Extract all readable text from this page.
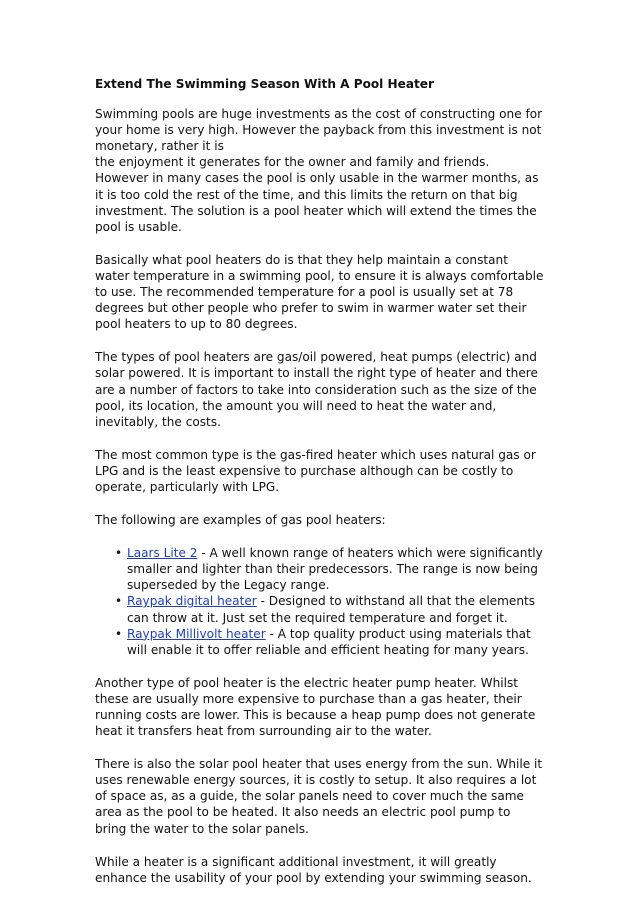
Extend The Swimming Season With A Pool Heater

Swimming pools are huge investments as the cost of constructing one for your home is very high. However the payback from this investment is not monetary, rather it is
the enjoyment it generates for the owner and family and friends. However in many cases the pool is only usable in the warmer months, as it is too cold the rest of the time, and this limits the return on that big investment. The solution is a pool heater which will extend the times the pool is usable.

Basically what pool heaters do is that they help maintain a constant water temperature in a swimming pool, to ensure it is always comfortable to use. The recommended temperature for a pool is usually set at 78 degrees but other people who prefer to swim in warmer water set their pool heaters to up to 80 degrees.

The types of pool heaters are gas/oil powered, heat pumps (electric) and solar powered. It is important to install the right type of heater and there are a number of factors to take into consideration such as the size of the pool, its location, the amount you will need to heat the water and, inevitably, the costs.

The most common type is the gas-fired heater which uses natural gas or LPG and is the least expensive to purchase although can be costly to operate, particularly with LPG.

The following are examples of gas pool heaters:

• Laars Lite 2 - A well known range of heaters which were significantly smaller and lighter than their predecessors. The range is now being superseded by the Legacy range.
• Raypak digital heater - Designed to withstand all that the elements can throw at it. Just set the required temperature and forget it.
• Raypak Millivolt heater - A top quality product using materials that will enable it to offer reliable and efficient heating for many years.

Another type of pool heater is the electric heater pump heater. Whilst these are usually more expensive to purchase than a gas heater, their running costs are lower. This is because a heap pump does not generate heat it transfers heat from surrounding air to the water.

There is also the solar pool heater that uses energy from the sun. While it uses renewable energy sources, it is costly to setup. It also requires a lot of space as, as a guide, the solar panels need to cover much the same area as the pool to be heated. It also needs an electric pool pump to bring the water to the solar panels.

While a heater is a significant additional investment, it will greatly enhance the usability of your pool by extending your swimming season.
